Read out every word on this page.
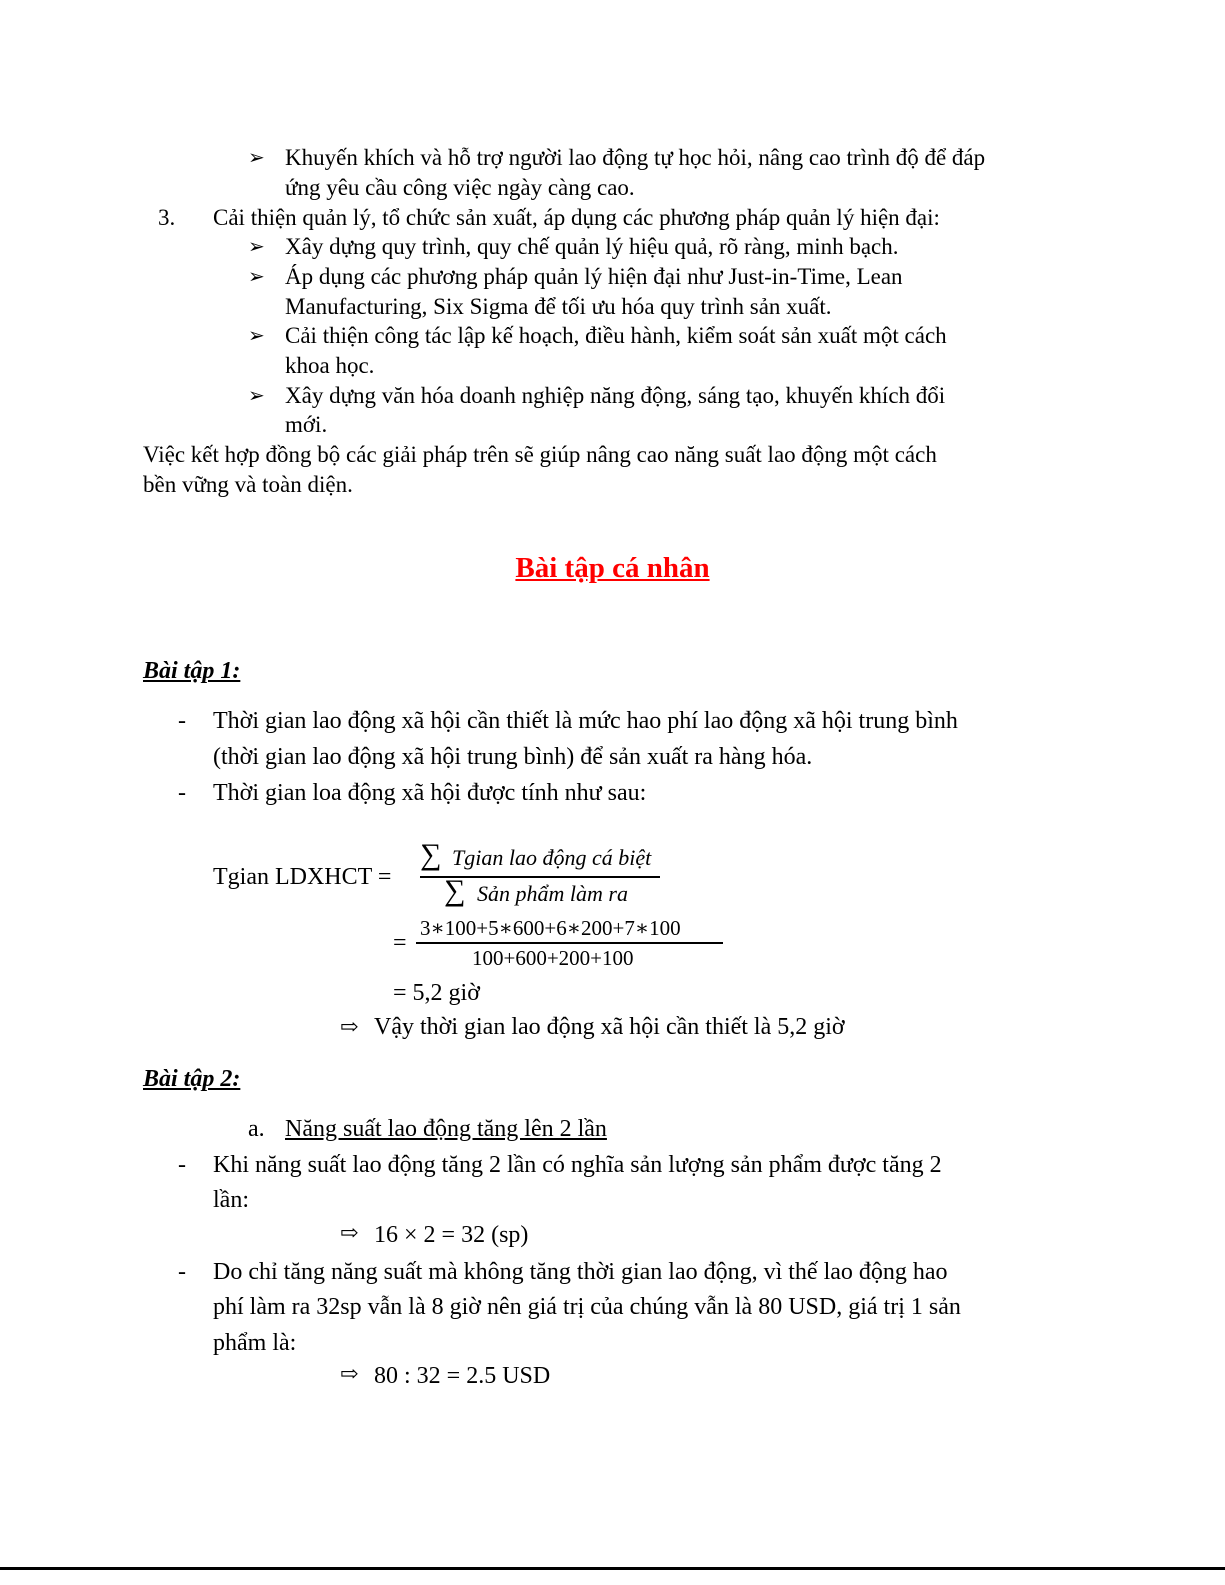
➢ Khuyến khích và hỗ trợ người lao động tự học hỏi, nâng cao trình độ để đáp
ứng yêu cầu công việc ngày càng cao.
3. Cải thiện quản lý, tổ chức sản xuất, áp dụng các phương pháp quản lý hiện đại:
➢ Xây dựng quy trình, quy chế quản lý hiệu quả, rõ ràng, minh bạch.
➢ Áp dụng các phương pháp quản lý hiện đại như Just-in-Time, Lean
Manufacturing, Six Sigma để tối ưu hóa quy trình sản xuất.
➢ Cải thiện công tác lập kế hoạch, điều hành, kiểm soát sản xuất một cách
khoa học.
➢ Xây dựng văn hóa doanh nghiệp năng động, sáng tạo, khuyến khích đổi
mới.
Việc kết hợp đồng bộ các giải pháp trên sẽ giúp nâng cao năng suất lao động một cách
bền vững và toàn diện.
Bài tập cá nhân
Bài tập 1:
- Thời gian lao động xã hội cần thiết là mức hao phí lao động xã hội trung bình
(thời gian lao động xã hội trung bình) để sản xuất ra hàng hóa.
- Thời gian loa động xã hội được tính như sau:
Tgian LDXHCT =
∑ Tgian lao động cá biệt
∑ Sản phẩm làm ra
=
3∗100+5∗600+6∗200+7∗100
100+600+200+100
= 5,2 giờ
⇨ Vậy thời gian lao động xã hội cần thiết là 5,2 giờ
Bài tập 2:
a. Năng suất lao động tăng lên 2 lần
- Khi năng suất lao động tăng 2 lần có nghĩa sản lượng sản phẩm được tăng 2
lần:
⇨ 16 × 2 = 32 (sp)
- Do chỉ tăng năng suất mà không tăng thời gian lao động, vì thế lao động hao
phí làm ra 32sp vẫn là 8 giờ nên giá trị của chúng vẫn là 80 USD, giá trị 1 sản
phẩm là:
⇨ 80 : 32 = 2.5 USD
